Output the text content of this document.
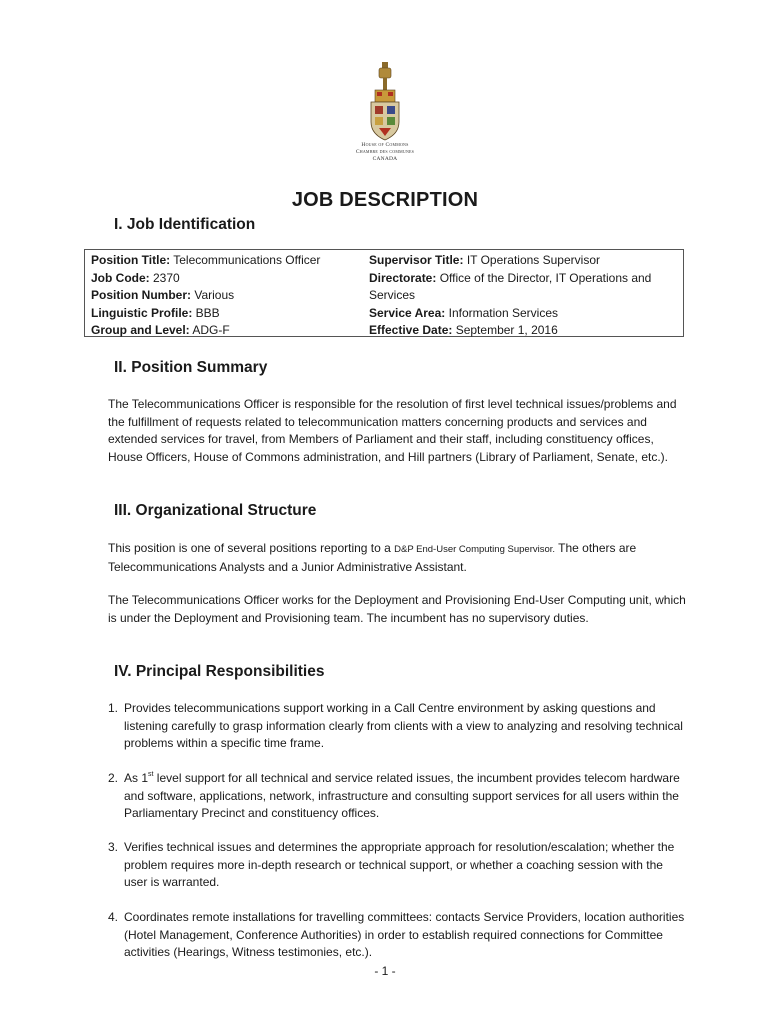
House of Commons
Chambre des communes
CANADA
JOB DESCRIPTION
I. Job Identification
Position Title: Telecommunications Officer
Job Code: 2370
Position Number: Various
Linguistic Profile: BBB
Group and Level: ADG-F
Supervisor Title: IT Operations Supervisor
Directorate: Office of the Director, IT Operations and
Services
Service Area: Information Services
Effective Date: September 1, 2016
II. Position Summary
The Telecommunications Officer is responsible for the resolution of first level technical issues/problems and the fulfillment of requests related to telecommunication matters concerning products and services and extended services for travel, from Members of Parliament and their staff, including constituency offices, House Officers, House of Commons administration, and Hill partners (Library of Parliament, Senate, etc.).
III. Organizational Structure
This position is one of several positions reporting to a D&P End-User Computing Supervisor. The others are Telecommunications Analysts and a Junior Administrative Assistant.
The Telecommunications Officer works for the Deployment and Provisioning End-User Computing unit, which is under the Deployment and Provisioning team. The incumbent has no supervisory duties.
IV. Principal Responsibilities
1. Provides telecommunications support working in a Call Centre environment by asking questions and listening carefully to grasp information clearly from clients with a view to analyzing and resolving technical problems within a specific time frame.
2. As 1st level support for all technical and service related issues, the incumbent provides telecom hardware and software, applications, network, infrastructure and consulting support services for all users within the Parliamentary Precinct and constituency offices.
3. Verifies technical issues and determines the appropriate approach for resolution/escalation; whether the problem requires more in-depth research or technical support, or whether a coaching session with the user is warranted.
4. Coordinates remote installations for travelling committees: contacts Service Providers, location authorities (Hotel Management, Conference Authorities) in order to establish required connections for Committee activities (Hearings, Witness testimonies, etc.).
- 1 -
